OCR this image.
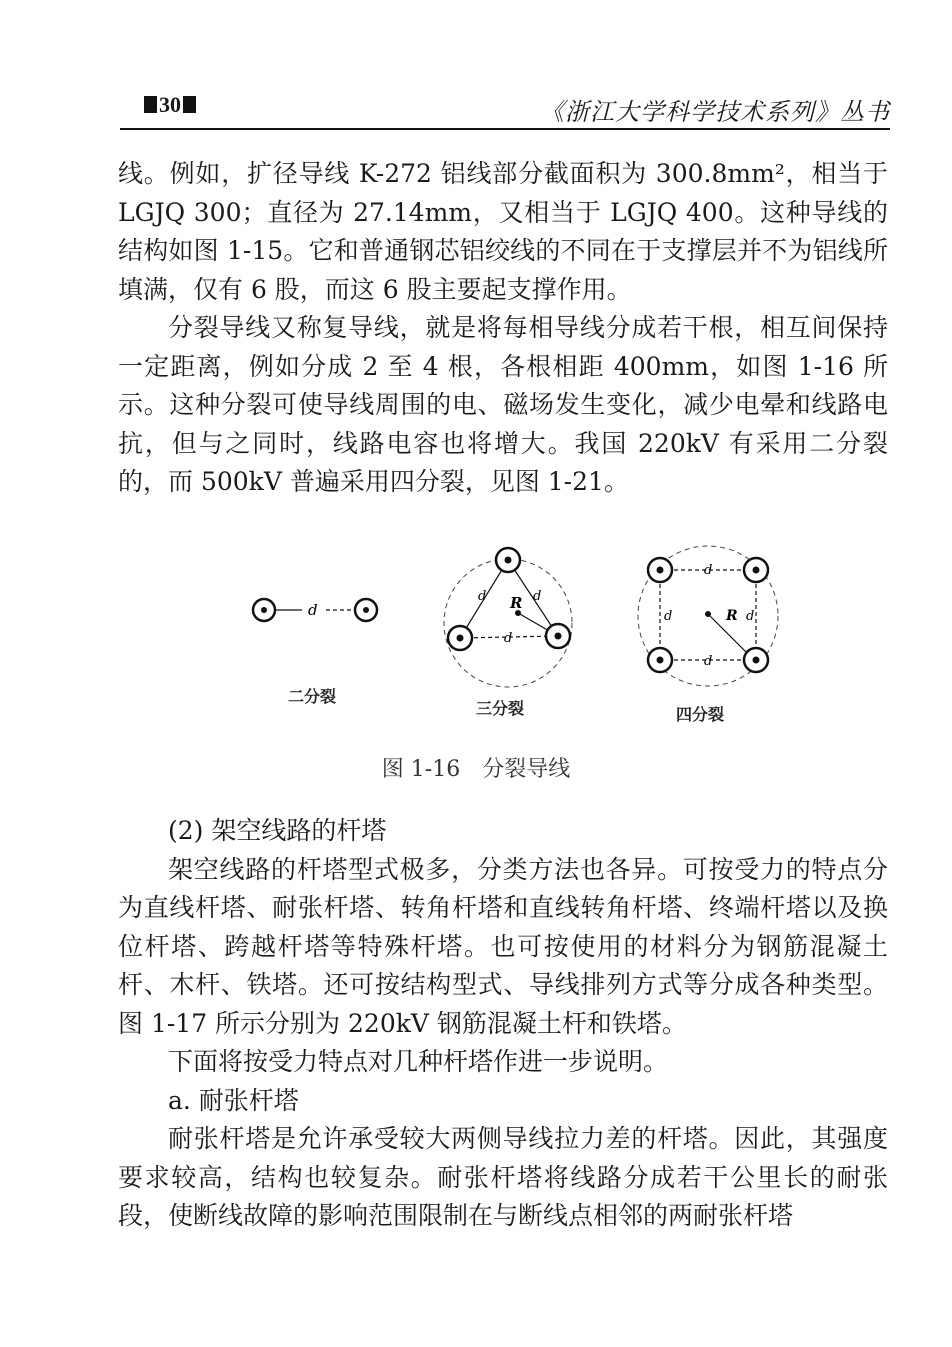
30	《浙江大学科学技术系列》丛书

线。例如，扩径导线 K-272 铝线部分截面积为 300.8mm²，相当于 LGJQ 300；直径为 27.14mm，又相当于 LGJQ 400。这种导线的结构如图 1-15。它和普通钢芯铝绞线的不同在于支撑层并不为铝线所填满，仅有 6 股，而这 6 股主要起支撑作用。

分裂导线又称复导线，就是将每相导线分成若干根，相互间保持一定距离，例如分成 2 至 4 根，各根相距 400mm，如图 1-16 所示。这种分裂可使导线周围的电、磁场发生变化，减少电晕和线路电抗，但与之同时，线路电容也将增大。我国 220kV 有采用二分裂的，而 500kV 普遍采用四分裂，见图 1-21。

d
二分裂
R
d	d
d
三分裂
R
d
d
d	d
四分裂
图 1-16　分裂导线

(2) 架空线路的杆塔

架空线路的杆塔型式极多，分类方法也各异。可按受力的特点分为直线杆塔、耐张杆塔、转角杆塔和直线转角杆塔、终端杆塔以及换位杆塔、跨越杆塔等特殊杆塔。也可按使用的材料分为钢筋混凝土杆、木杆、铁塔。还可按结构型式、导线排列方式等分成各种类型。图 1-17 所示分别为 220kV 钢筋混凝土杆和铁塔。

下面将按受力特点对几种杆塔作进一步说明。

a. 耐张杆塔

耐张杆塔是允许承受较大两侧导线拉力差的杆塔。因此，其强度要求较高，结构也较复杂。耐张杆塔将线路分成若干公里长的耐张段，使断线故障的影响范围限制在与断线点相邻的两耐张杆塔
